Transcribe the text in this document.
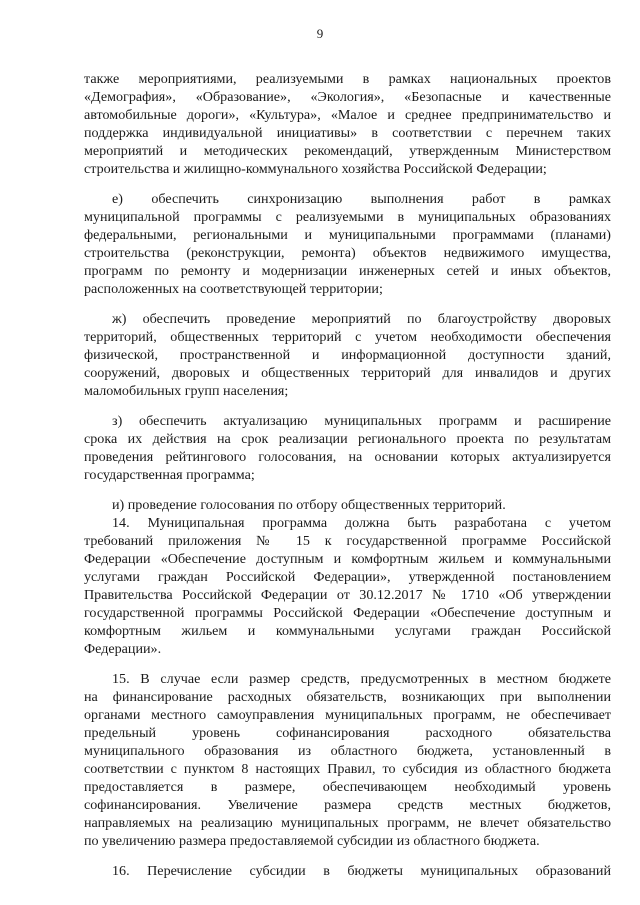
9
также мероприятиями, реализуемыми в рамках национальных проектов
«Демография», «Образование», «Экология», «Безопасные и качественные
автомобильные дороги», «Культура», «Малое и среднее предпринимательство и
поддержка индивидуальной инициативы» в соответствии с перечнем таких
мероприятий и методических рекомендаций, утвержденным Министерством
строительства и жилищно-коммунального хозяйства Российской Федерации;
е) обеспечить синхронизацию выполнения работ в рамках
муниципальной программы с реализуемыми в муниципальных образованиях
федеральными, региональными и муниципальными программами (планами)
строительства (реконструкции, ремонта) объектов недвижимого имущества,
программ по ремонту и модернизации инженерных сетей и иных объектов,
расположенных на соответствующей территории;
ж) обеспечить проведение мероприятий по благоустройству дворовых
территорий, общественных территорий с учетом необходимости обеспечения
физической, пространственной и информационной доступности зданий,
сооружений, дворовых и общественных территорий для инвалидов и других
маломобильных групп населения;
з) обеспечить актуализацию муниципальных программ и расширение
срока их действия на срок реализации регионального проекта по результатам
проведения рейтингового голосования, на основании которых актуализируется
государственная программа;
и) проведение голосования по отбору общественных территорий.
14. Муниципальная программа должна быть разработана с учетом
требований приложения № 15 к государственной программе Российской
Федерации «Обеспечение доступным и комфортным жильем и коммунальными
услугами граждан Российской Федерации», утвержденной постановлением
Правительства Российской Федерации от 30.12.2017 № 1710 «Об утверждении
государственной программы Российской Федерации «Обеспечение доступным и
комфортным жильем и коммунальными услугами граждан Российской
Федерации».
15. В случае если размер средств, предусмотренных в местном бюджете
на финансирование расходных обязательств, возникающих при выполнении
органами местного самоуправления муниципальных программ, не обеспечивает
предельный уровень софинансирования расходного обязательства
муниципального образования из областного бюджета, установленный в
соответствии с пунктом 8 настоящих Правил, то субсидия из областного бюджета
предоставляется в размере, обеспечивающем необходимый уровень
софинансирования. Увеличение размера средств местных бюджетов,
направляемых на реализацию муниципальных программ, не влечет обязательство
по увеличению размера предоставляемой субсидии из областного бюджета.
16. Перечисление субсидии в бюджеты муниципальных образований
